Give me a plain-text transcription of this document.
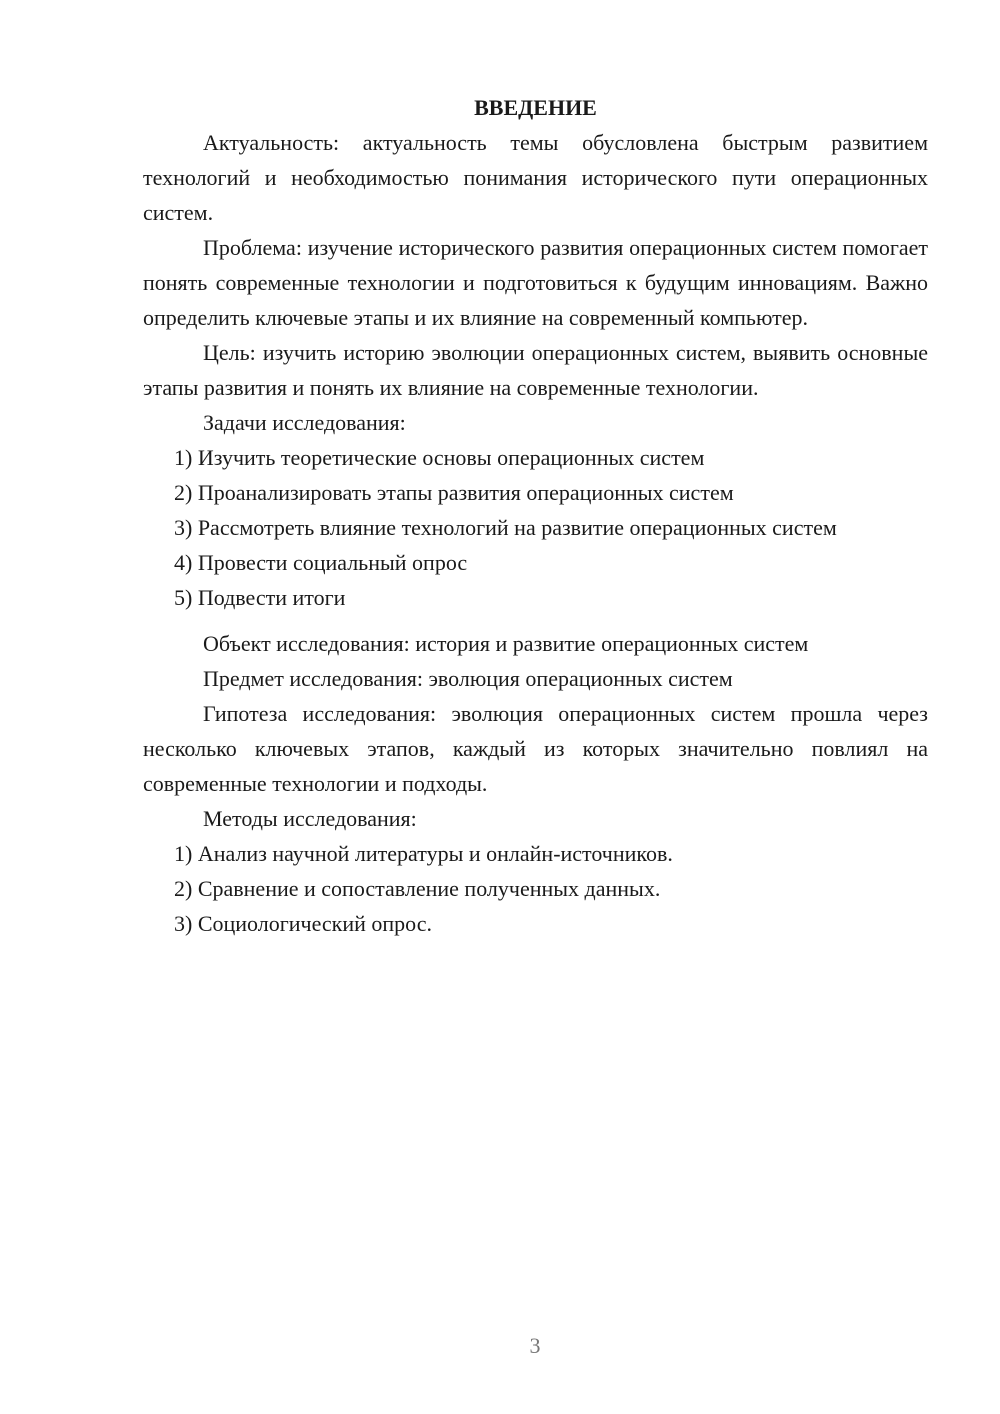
ВВЕДЕНИЕ

Актуальность: актуальность темы обусловлена быстрым развитием технологий и необходимостью понимания исторического пути операционных систем.

Проблема: изучение исторического развития операционных систем помогает понять современные технологии и подготовиться к будущим инновациям. Важно определить ключевые этапы и их влияние на современный компьютер.

Цель: изучить историю эволюции операционных систем, выявить основные этапы развития и понять их влияние на современные технологии.

Задачи исследования:

1) Изучить теоретические основы операционных систем
2) Проанализировать этапы развития операционных систем
3) Рассмотреть влияние технологий на развитие операционных систем
4) Провести социальный опрос
5) Подвести итоги

Объект исследования: история и развитие операционных систем

Предмет исследования: эволюция операционных систем

Гипотеза исследования: эволюция операционных систем прошла через несколько ключевых этапов, каждый из которых значительно повлиял на современные технологии и подходы.

Методы исследования:

1) Анализ научной литературы и онлайн-источников.
2) Сравнение и сопоставление полученных данных.
3) Социологический опрос.
3
